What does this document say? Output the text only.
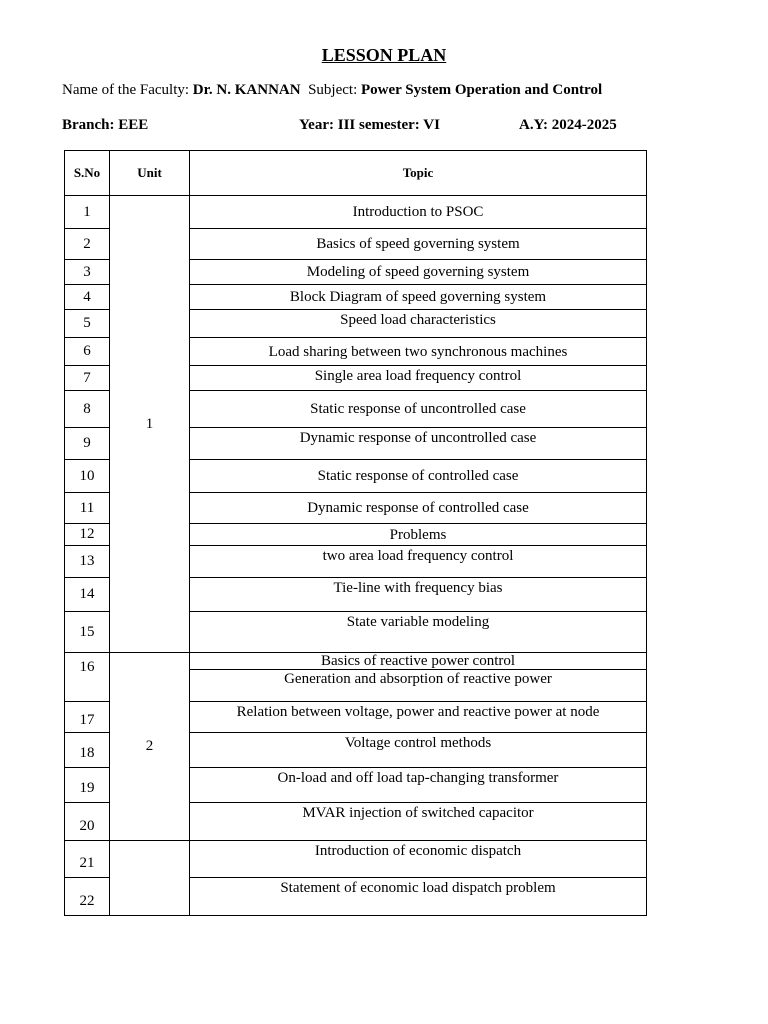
LESSON PLAN
Name of the Faculty: Dr. N. KANNAN Subject: Power System Operation and Control
Branch: EEE	Year: III semester: VI	A.Y: 2024-2025
S.No	Unit	Topic
1	1	Introduction to PSOC
2		Basics of speed governing system
3		Modeling of speed governing system
4		Block Diagram of speed governing system
5		Speed load characteristics
6		Load sharing between two synchronous machines
7		Single area load frequency control
8		Static response of uncontrolled case
9		Dynamic response of uncontrolled case
10		Static response of controlled case
11		Dynamic response of controlled case
12		Problems
13		two area load frequency control
14		Tie-line with frequency bias
15		State variable modeling
16	2	Basics of reactive power control
Generation and absorption of reactive power

17		Relation between voltage, power and reactive power at node
18		Voltage control methods
19		On-load and off load tap-changing transformer
20		MVAR injection of switched capacitor
21		Introduction of economic dispatch
22		Statement of economic load dispatch problem
